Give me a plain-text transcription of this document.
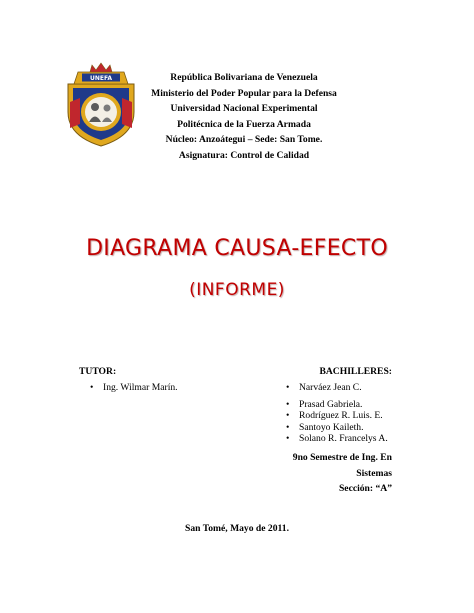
UNEFA	República Bolivariana de Venezuela
Ministerio del Poder Popular para la Defensa
Universidad Nacional Experimental
Politécnica de la Fuerza Armada
Núcleo: Anzoátegui – Sede: San Tome.
Asignatura: Control de Calidad
DIAGRAMA CAUSA-EFECTO
(INFORME)
TUTOR:
• Ing. Wilmar Marín.
BACHILLERES:
• Narváez Jean C.
• Prasad Gabriela.
• Rodríguez R. Luis. E.
• Santoyo Kaileth.
• Solano R. Francelys A.
9no Semestre de Ing. En
Sistemas
Sección: “A”
San Tomé, Mayo de 2011.
